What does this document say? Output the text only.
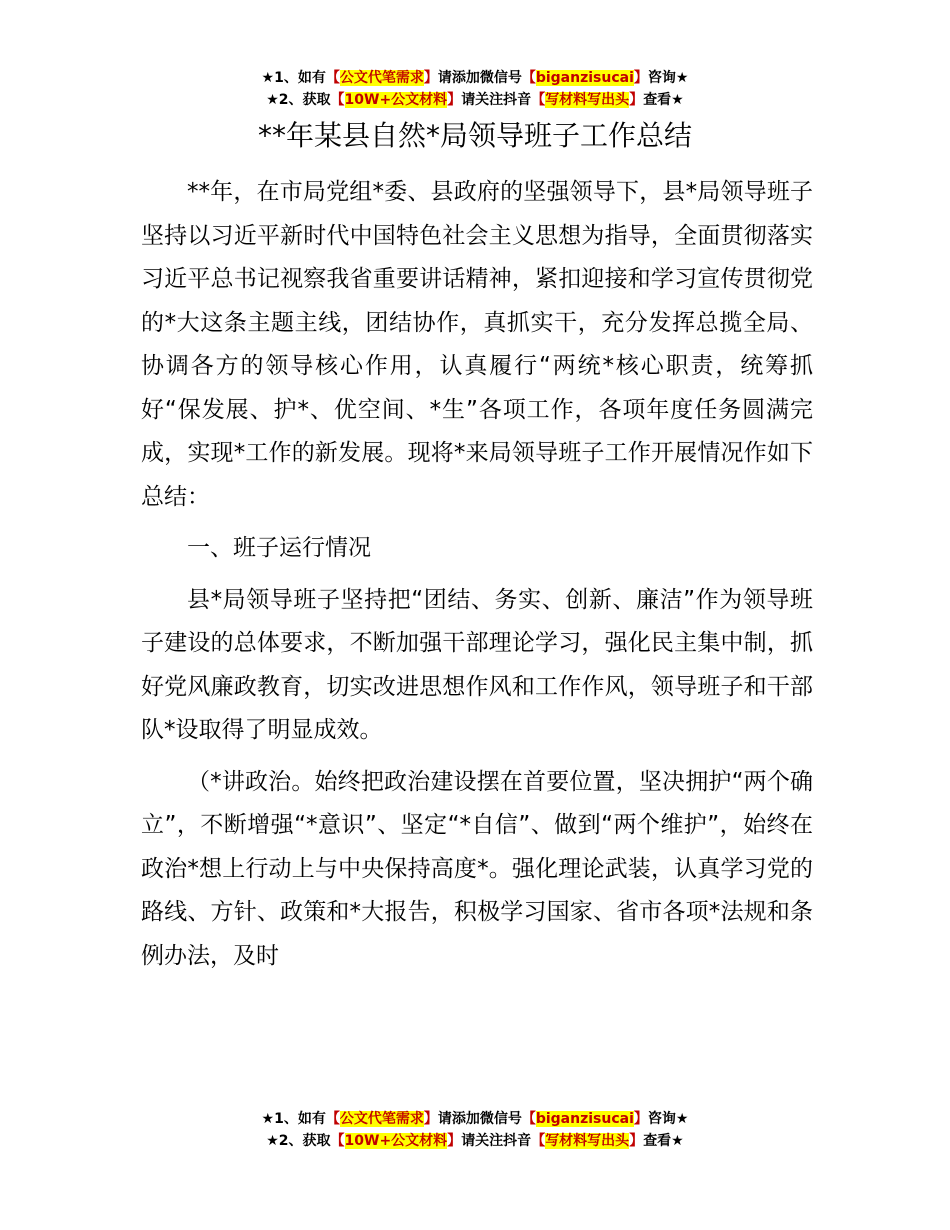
★1、如有【公文代笔需求】请添加微信号【biganzisucai】咨询★
★2、获取【10W+公文材料】请关注抖音【写材料写出头】查看★
**年某县自然*局领导班子工作总结

**年，在市局党组*委、县政府的坚强领导下，县*局领导班子坚持以习近平新时代中国特色社会主义思想为指导，全面贯彻落实习近平总书记视察我省重要讲话精神，紧扣迎接和学习宣传贯彻党的*大这条主题主线，团结协作，真抓实干，充分发挥总揽全局、协调各方的领导核心作用，认真履行“两统*核心职责，统筹抓好“保发展、护*、优空间、*生”各项工作，各项年度任务圆满完成，实现*工作的新发展。现将*来局领导班子工作开展情况作如下总结：

一、班子运行情况

县*局领导班子坚持把“团结、务实、创新、廉洁”作为领导班子建设的总体要求，不断加强干部理论学习，强化民主集中制，抓好党风廉政教育，切实改进思想作风和工作作风，领导班子和干部队*设取得了明显成效。

（*讲政治。始终把政治建设摆在首要位置，坚决拥护“两个确立”，不断增强“*意识”、坚定“*自信”、做到“两个维护”，始终在政治*想上行动上与中央保持高度*。强化理论武装，认真学习党的路线、方针、政策和*大报告，积极学习国家、省市各项*法规和条例办法，及时

★1、如有【公文代笔需求】请添加微信号【biganzisucai】咨询★
★2、获取【10W+公文材料】请关注抖音【写材料写出头】查看★
